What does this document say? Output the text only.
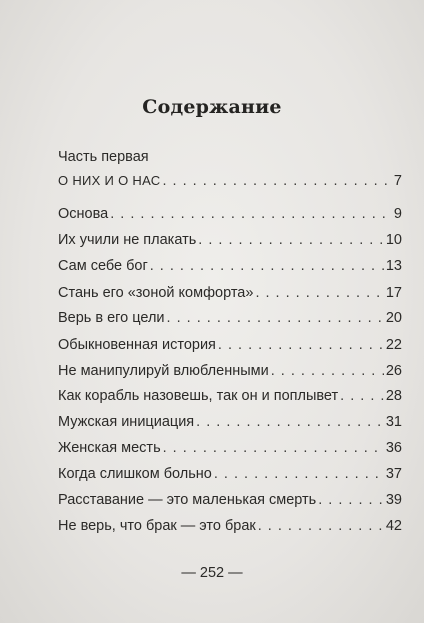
Содержание
Часть первая
О НИХ И О НАС . . .	7
Основа . . .	9
Их учили не плакать . . .	10
Сам себе бог . . .	13
Стань его «зоной комфорта» . . .	17
Верь в его цели . . .	20
Обыкновенная история . . .	22
Не манипулируй влюбленными . . .	26
Как корабль назовешь, так он и поплывет . . .	28
Мужская инициация . . .	31
Женская месть . . .	36
Когда слишком больно . . .	37
Расставание — это маленькая смерть . . .	39
Не верь, что брак — это брак . . .	42
— 252 —
